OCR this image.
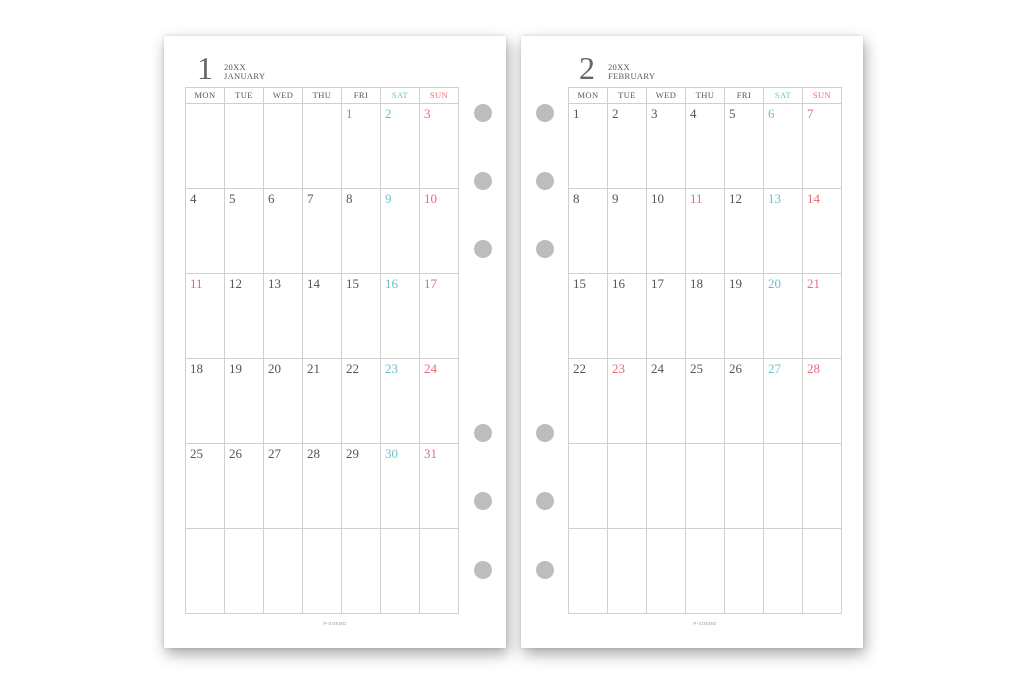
1 20XX
JANUARY
MON	TUE	WED	THU	FRI	SAT	SUN

				1	2	3

4	5	6	7	8	9	10

11	12	13	14	15	16	17

18	19	20	21	22	23	24

25	26	27	28	29	30	31

P-SOEMO
2 20XX
FEBRUARY
MON	TUE	WED	THU	FRI	SAT	SUN

1	2	3	4	5	6	7

8	9	10	11	12	13	14

15	16	17	18	19	20	21

22	23	24	25	26	27	28

P-SOEMO
